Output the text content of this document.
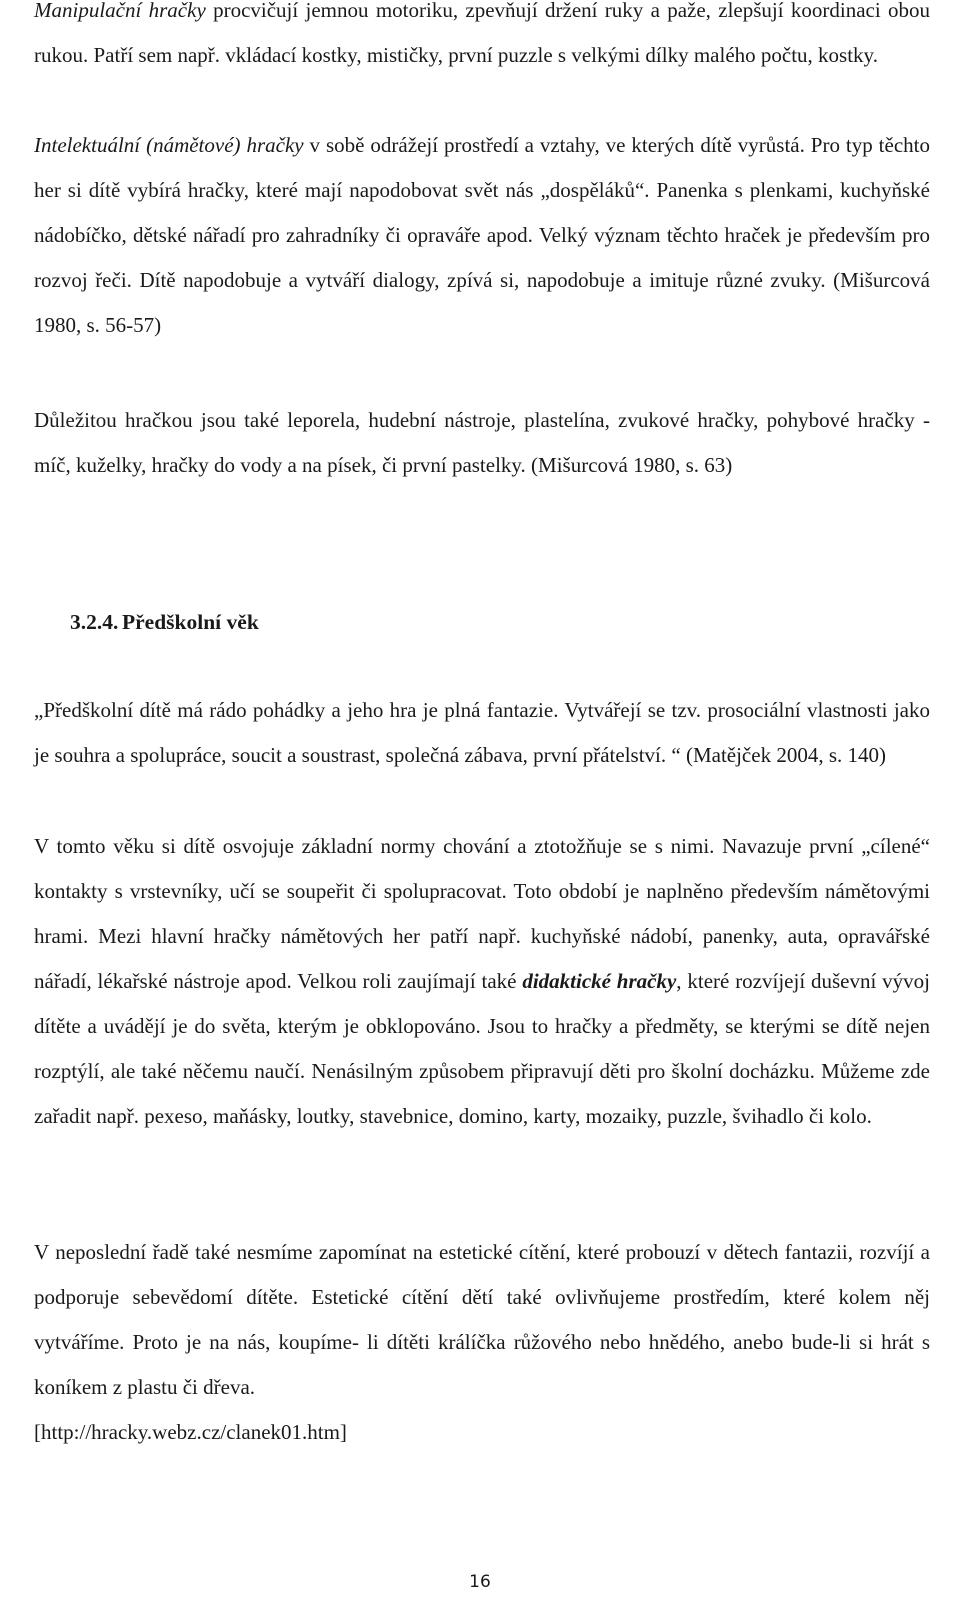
Manipulační hračky procvičují jemnou motoriku, zpevňují držení ruky a paže, zlepšují koordinaci obou rukou. Patří sem např. vkládací kostky, mističky, první puzzle s velkými dílky malého počtu, kostky.

Intelektuální (námětové) hračky v sobě odrážejí prostředí a vztahy, ve kterých dítě vyrůstá. Pro typ těchto her si dítě vybírá hračky, které mají napodobovat svět nás „dospěláků“. Panenka s plenkami, kuchyňské nádobíčko, dětské nářadí pro zahradníky či opraváře apod. Velký význam těchto hraček je především pro rozvoj řeči. Dítě napodobuje a vytváří dialogy, zpívá si, napodobuje a imituje různé zvuky. (Mišurcová 1980, s. 56-57)

Důležitou hračkou jsou také leporela, hudební nástroje, plastelína, zvukové hračky, pohybové hračky - míč, kuželky, hračky do vody a na písek, či první pastelky. (Mišurcová 1980, s. 63)

3.2.4. Předškolní věk

„Předškolní dítě má rádo pohádky a jeho hra je plná fantazie. Vytvářejí se tzv. prosociální vlastnosti jako je souhra a spolupráce, soucit a soustrast, společná zábava, první přátelství. “ (Matějček 2004, s. 140)

V tomto věku si dítě osvojuje základní normy chování a ztotožňuje se s nimi. Navazuje první „cílené“ kontakty s vrstevníky, učí se soupeřit či spolupracovat. Toto období je naplněno především námětovými hrami. Mezi hlavní hračky námětových her patří např. kuchyňské nádobí, panenky, auta, opravářské nářadí, lékařské nástroje apod. Velkou roli zaujímají také didaktické hračky, které rozvíjejí duševní vývoj dítěte a uvádějí je do světa, kterým je obklopováno. Jsou to hračky a předměty, se kterými se dítě nejen rozptýlí, ale také něčemu naučí. Nenásilným způsobem připravují děti pro školní docházku. Můžeme zde zařadit např. pexeso, maňásky, loutky, stavebnice, domino, karty, mozaiky, puzzle, švihadlo či kolo.

V neposlední řadě také nesmíme zapomínat na estetické cítění, které probouzí v dětech fantazii, rozvíjí a podporuje sebevědomí dítěte. Estetické cítění dětí také ovlivňujeme prostředím, které kolem něj vytváříme. Proto je na nás, koupíme- li dítěti králíčka růžového nebo hnědého, anebo bude-li si hrát s koníkem z plastu či dřeva.

[http://hracky.webz.cz/clanek01.htm]

16
